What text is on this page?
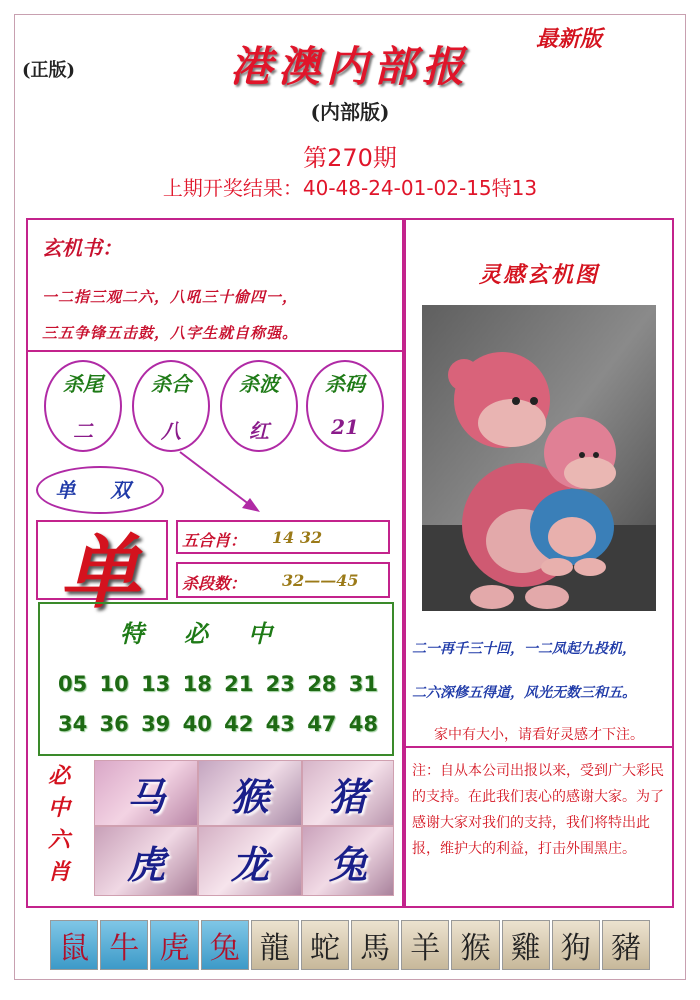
(正版)
最新版
港澳内部报
(内部版)
第270期
上期开奖结果：40-48-24-01-02-15特13
玄机书：
一二指三观二六，八吼三十偷四一，
三五争锋五击鼓，八字生就自称强。
杀尾
二
杀合
八
杀波
红
杀码
21
单 双
单	五合肖： 14 32
杀段数： 32——45
特必中
05 10 13 18 21 23 28 31
34 36 39 40 42 43 47 48
必
中
六
肖
马	猴	猪
虎	龙	兔
灵感玄机图
二一再千三十回，一二凤起九投机，
二六深修五得道，风光无数三和五。
家中有大小，请看好灵感才下注。
注：自从本公司出报以来，受到广大彩民的支持。在此我们衷心的感谢大家。为了感谢大家对我们的支持，我们将特出此报，维护大的利益，打击外围黑庄。
鼠 牛 虎 兔 龍 蛇 馬 羊 猴 雞 狗 豬
